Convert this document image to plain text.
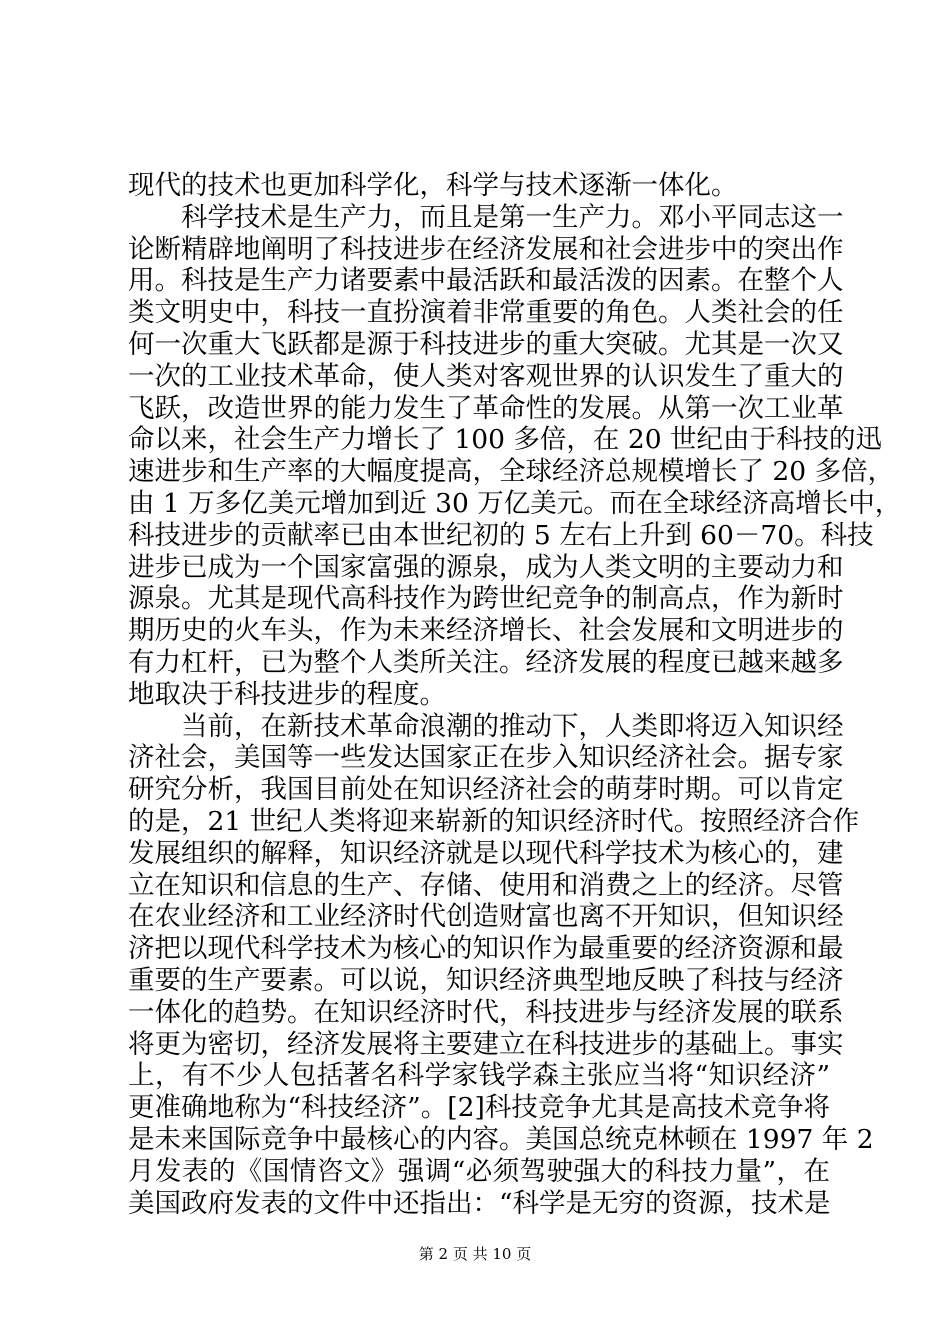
现代的技术也更加科学化，科学与技术逐渐一体化。
　　科学技术是生产力，而且是第一生产力。邓小平同志这一
论断精辟地阐明了科技进步在经济发展和社会进步中的突出作
用。科技是生产力诸要素中最活跃和最活泼的因素。在整个人
类文明史中，科技一直扮演着非常重要的角色。人类社会的任
何一次重大飞跃都是源于科技进步的重大突破。尤其是一次又
一次的工业技术革命，使人类对客观世界的认识发生了重大的
飞跃，改造世界的能力发生了革命性的发展。从第一次工业革
命以来，社会生产力增长了 100 多倍，在 20 世纪由于科技的迅
速进步和生产率的大幅度提高，全球经济总规模增长了 20 多倍，
由 1 万多亿美元增加到近 30 万亿美元。而在全球经济高增长中，
科技进步的贡献率已由本世纪初的 5 左右上升到 60－70。科技
进步已成为一个国家富强的源泉，成为人类文明的主要动力和
源泉。尤其是现代高科技作为跨世纪竞争的制高点，作为新时
期历史的火车头，作为未来经济增长、社会发展和文明进步的
有力杠杆，已为整个人类所关注。经济发展的程度已越来越多
地取决于科技进步的程度。
　　当前，在新技术革命浪潮的推动下，人类即将迈入知识经
济社会，美国等一些发达国家正在步入知识经济社会。据专家
研究分析，我国目前处在知识经济社会的萌芽时期。可以肯定
的是，21 世纪人类将迎来崭新的知识经济时代。按照经济合作
发展组织的解释，知识经济就是以现代科学技术为核心的，建
立在知识和信息的生产、存储、使用和消费之上的经济。尽管
在农业经济和工业经济时代创造财富也离不开知识，但知识经
济把以现代科学技术为核心的知识作为最重要的经济资源和最
重要的生产要素。可以说，知识经济典型地反映了科技与经济
一体化的趋势。在知识经济时代，科技进步与经济发展的联系
将更为密切，经济发展将主要建立在科技进步的基础上。事实
上，有不少人包括著名科学家钱学森主张应当将“知识经济”
更准确地称为“科技经济”。[2]科技竞争尤其是高技术竞争将
是未来国际竞争中最核心的内容。美国总统克林顿在 1997 年 2
月发表的《国情咨文》强调“必须驾驶强大的科技力量”，在
美国政府发表的文件中还指出：“科学是无穷的资源，技术是
第 2 页 共 10 页
